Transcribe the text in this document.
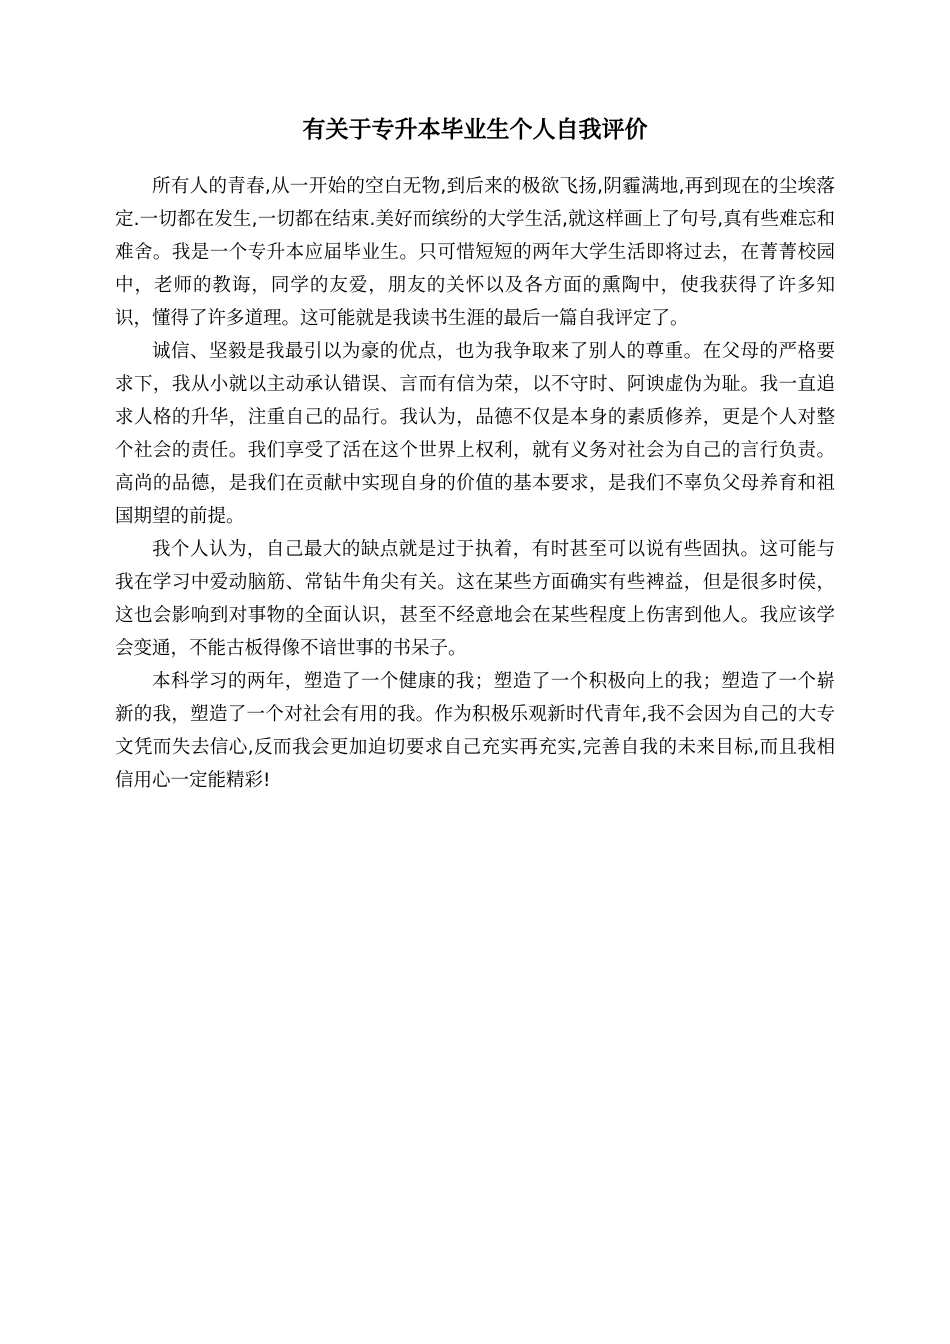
有关于专升本毕业生个人自我评价

所有人的青春,从一开始的空白无物,到后来的极欲飞扬,阴霾满地,再到现在的尘埃落定.一切都在发生,一切都在结束.美好而缤纷的大学生活,就这样画上了句号,真有些难忘和难舍。我是一个专升本应届毕业生。只可惜短短的两年大学生活即将过去，在菁菁校园中，老师的教诲，同学的友爱，朋友的关怀以及各方面的熏陶中，使我获得了许多知识，懂得了许多道理。这可能就是我读书生涯的最后一篇自我评定了。

诚信、坚毅是我最引以为豪的优点，也为我争取来了别人的尊重。在父母的严格要求下，我从小就以主动承认错误、言而有信为荣，以不守时、阿谀虚伪为耻。我一直追求人格的升华，注重自己的品行。我认为，品德不仅是本身的素质修养，更是个人对整个社会的责任。我们享受了活在这个世界上权利，就有义务对社会为自己的言行负责。高尚的品德，是我们在贡献中实现自身的价值的基本要求，是我们不辜负父母养育和祖国期望的前提。

我个人认为，自己最大的缺点就是过于执着，有时甚至可以说有些固执。这可能与我在学习中爱动脑筋、常钻牛角尖有关。这在某些方面确实有些裨益，但是很多时侯，这也会影响到对事物的全面认识，甚至不经意地会在某些程度上伤害到他人。我应该学会变通，不能古板得像不谙世事的书呆子。

本科学习的两年，塑造了一个健康的我；塑造了一个积极向上的我；塑造了一个崭新的我，塑造了一个对社会有用的我。作为积极乐观新时代青年,我不会因为自己的大专文凭而失去信心,反而我会更加迫切要求自己充实再充实,完善自我的未来目标,而且我相信用心一定能精彩!
